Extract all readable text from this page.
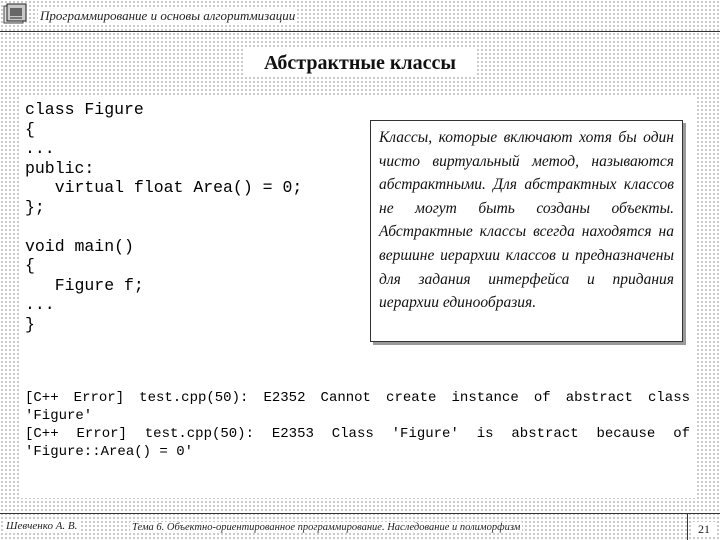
Программирование и основы алгоритмизации
Абстрактные классы
class Figure
{
...
public:
virtual float Area() = 0;
};

void main()
{
Figure f;
...
}
Классы, которые включают хотя бы один чисто виртуальный метод, называются абстрактными. Для абстрактных классов не могут быть созданы объекты. Абстрактные классы всегда находятся на вершине иерархии классов и предназначены для задания интерфейса и придания иерархии единообразия.
[C++ Error] test.cpp(50): E2352 Cannot create instance of abstract class 'Figure'
[C++ Error] test.cpp(50): E2353 Class 'Figure' is abstract because of 'Figure::Area() = 0'
Шевченко А. В.	Тема 6. Объектно-ориентированное программирование. Наследование и полиморфизм	21
